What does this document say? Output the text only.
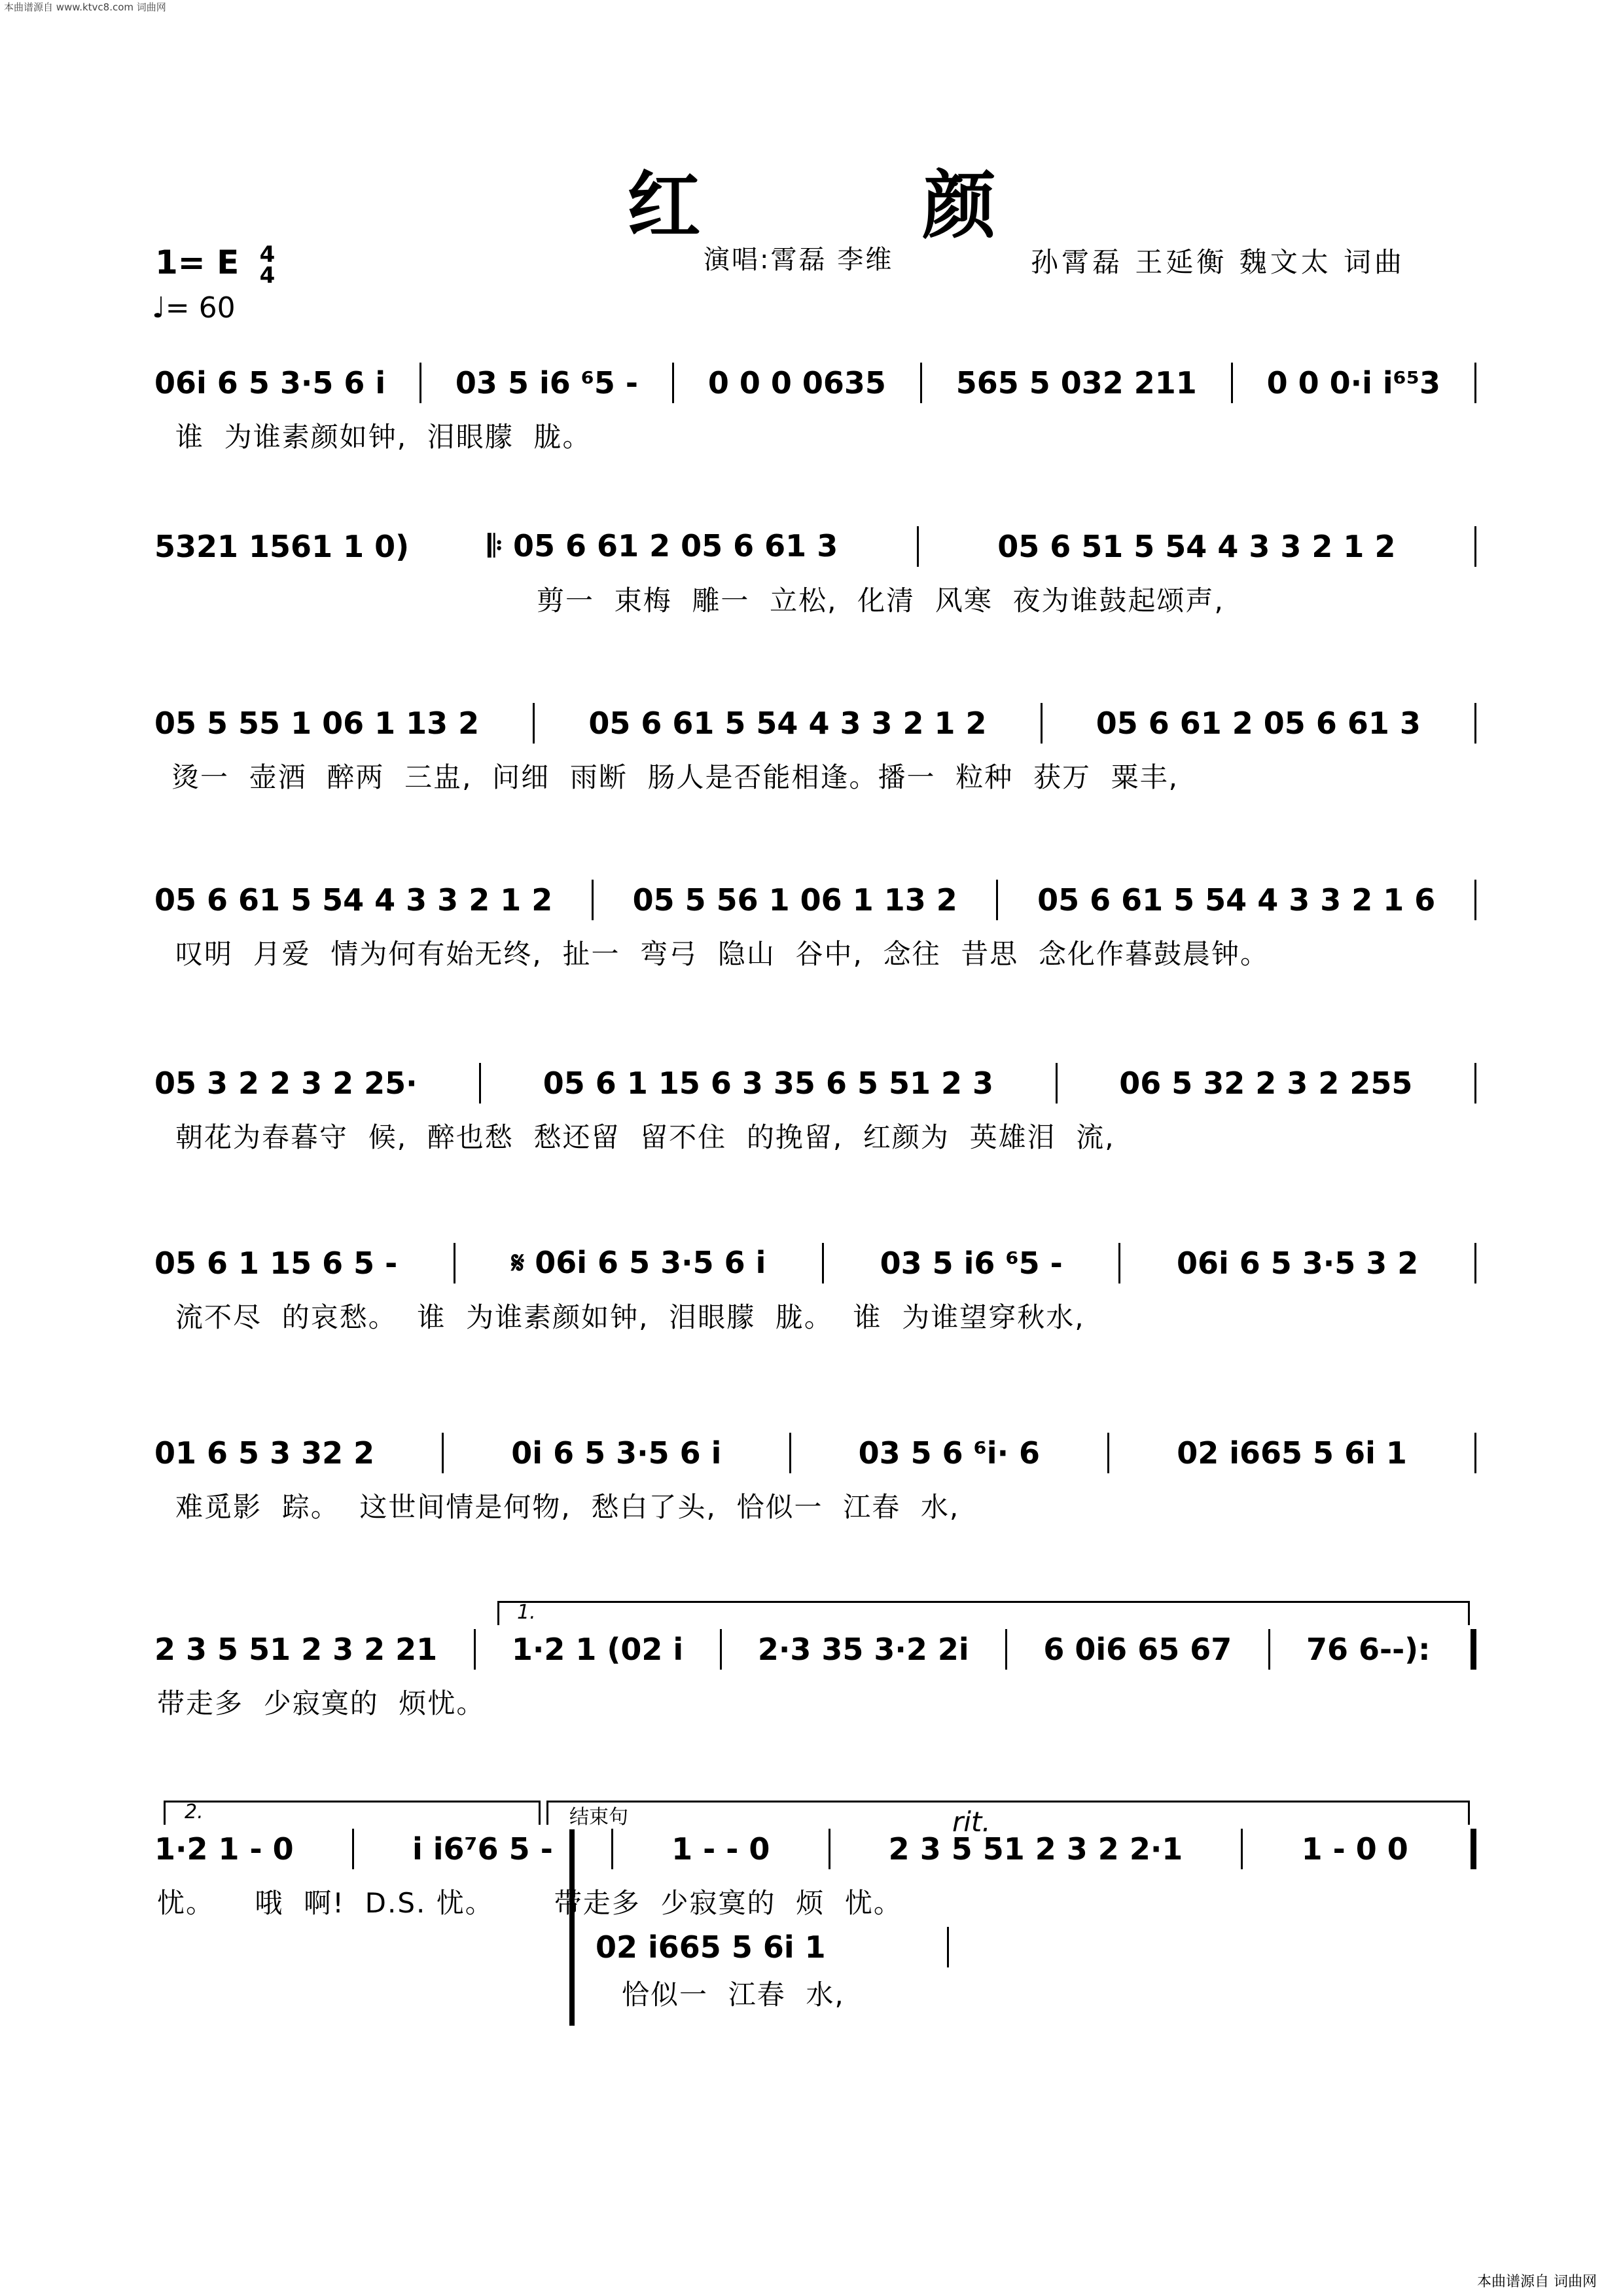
本曲谱源自 www.ktvc8.com 词曲网
红 颜
1= E 4
4
♩= 60
演唱:霄磊 李维	孙霄磊 王延衡 魏文太 词曲
06i 6 5 3·5 6 i 03 5 i6 ⁶5 - 0 0 0 0635 565 5 032 211 0 0 0·i i⁶⁵3
谁  为谁素颜如钟,  泪眼朦  胧。
5321 1561 1 0)	𝄆 05 6 61 2 05 6 61 3	05 6 51 5 54 4 3 3 2 1 2
剪一  束梅  雕一  立松,  化清  风寒  夜为谁鼓起颂声,
05 5 55 1 06 1 13 2	05 6 61 5 54 4 3 3 2 1 2	05 6 61 2 05 6 61 3
烫一  壶酒  醉两  三盅,  问细  雨断  肠人是否能相逢。播一  粒种  获万  粟丰,
05 6 61 5 54 4 3 3 2 1 2	05 5 56 1 06 1 13 2	05 6 61 5 54 4 3 3 2 1 6
叹明  月爱  情为何有始无终,  扯一  弯弓  隐山  谷中,  念往  昔思  念化作暮鼓晨钟。
05 3 2 2 3 2 25·	05 6 1 15 6 3 35 6 5 51 2 3	06 5 32 2 3 2 255
朝花为春暮守  候,  醉也愁  愁还留  留不住  的挽留,  红颜为  英雄泪  流,
05 6 1 15 6 5 -	𝄋 06i 6 5 3·5 6 i	03 5 i6 ⁶5 -	06i 6 5 3·5 3 2
流不尽  的哀愁。  谁  为谁素颜如钟,  泪眼朦  胧。  谁  为谁望穿秋水,
01 6 5 3 32 2	0i 6 5 3·5 6 i	03 5 6 ⁶i· 6	02 i665 5 6i 1
难觅影  踪。  这世间情是何物,  愁白了头,  恰似一  江春  水,
1.
2 3 5 51 2 3 2 21 1·2 1 (02 i 2·3 35 3·2 2i 6 0i6 65 67 76 6--):
带走多  少寂寞的  烦忧。
2.	结束句	rit.
1·2 1 - 0	i i6⁷6 5 -	1 - - 0	2 3 5 51 2 3 2 2·1	1 - 0 0
忧。    哦  啊!  D.S. 忧。      带走多  少寂寞的  烦  忧。
02 i665 5 6i 1
恰似一  江春  水,
本曲谱源自 词曲网
